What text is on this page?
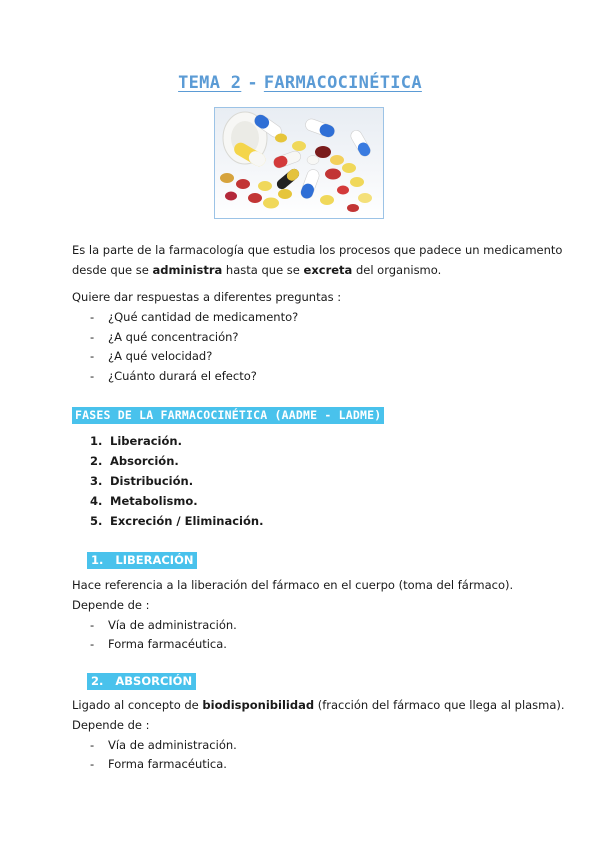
TEMA 2 - FARMACOCINÉTICA
Es la parte de la farmacología que estudia los procesos que padece un medicamento
desde que se administra hasta que se excreta del organismo.
Quiere dar respuestas a diferentes preguntas :
- ¿Qué cantidad de medicamento?
- ¿A qué concentración?
- ¿A qué velocidad?
- ¿Cuánto durará el efecto?
FASES DE LA FARMACOCINÉTICA (AADME - LADME)
1. Liberación.
2. Absorción.
3. Distribución.
4. Metabolismo.
5. Excreción / Eliminación.
1.   LIBERACIÓN
Hace referencia a la liberación del fármaco en el cuerpo (toma del fármaco).
Depende de :
- Vía de administración.
- Forma farmacéutica.
2.   ABSORCIÓN
Ligado al concepto de biodisponibilidad (fracción del fármaco que llega al plasma).
Depende de :
- Vía de administración.
- Forma farmacéutica.
